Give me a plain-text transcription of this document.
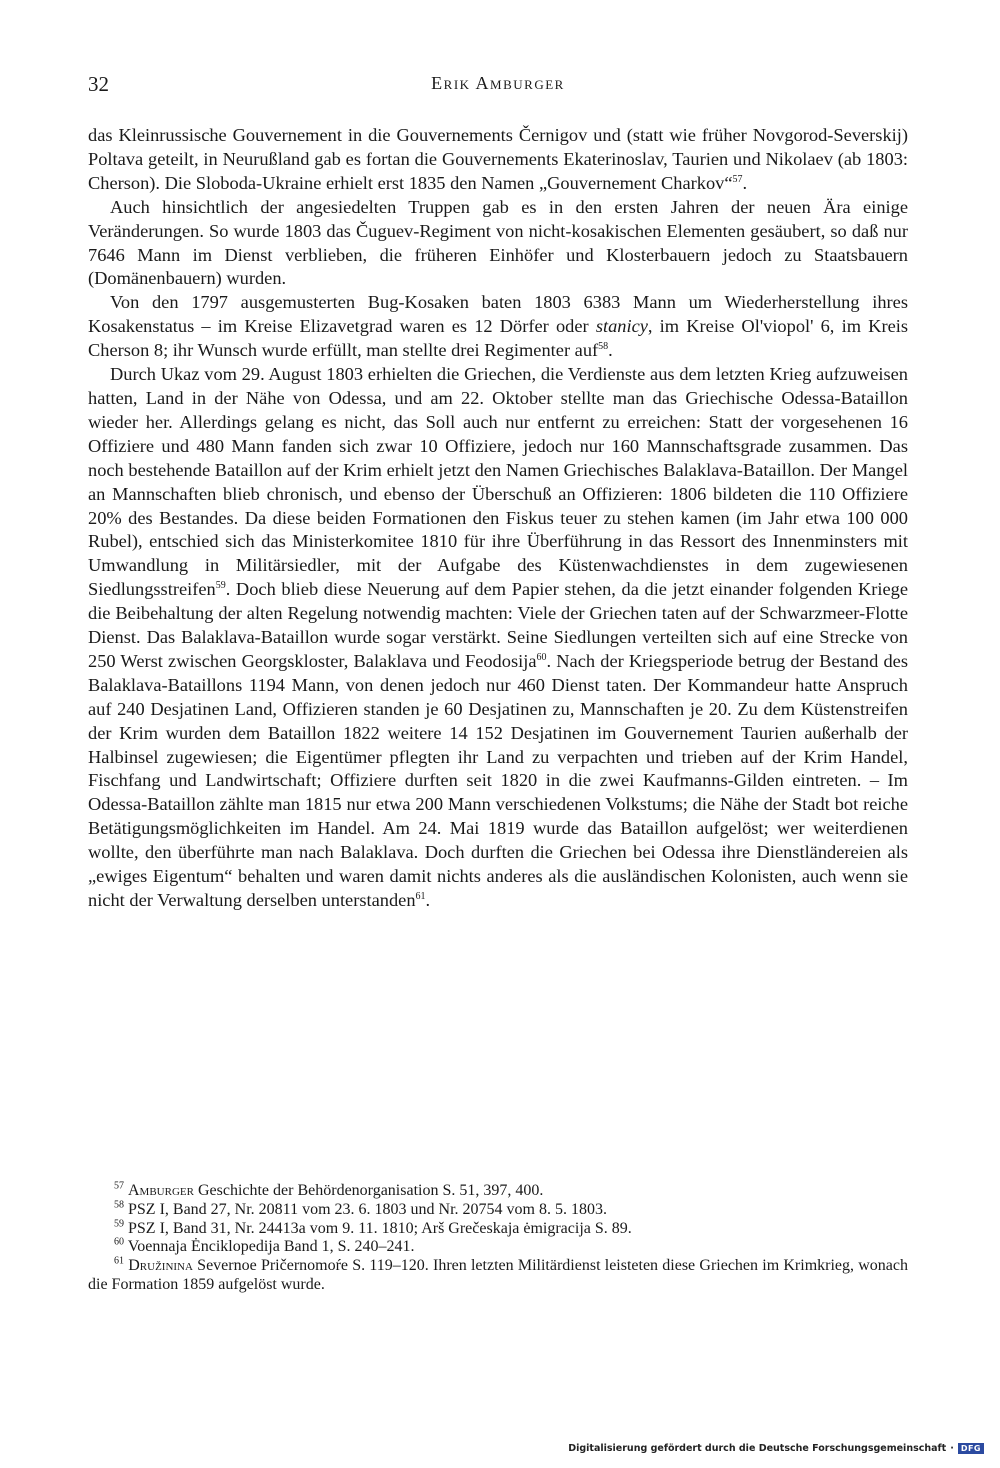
32	Erik Amburger

das Kleinrussische Gouvernement in die Gouvernements Černigov und (statt wie früher Novgorod-Severskij) Poltava geteilt, in Neurußland gab es fortan die Gouvernements Ekaterinoslav, Taurien und Nikolaev (ab 1803: Cherson). Die Sloboda-Ukraine erhielt erst 1835 den Namen „Gouvernement Charkov“$^{57}$.

Auch hinsichtlich der angesiedelten Truppen gab es in den ersten Jahren der neuen Ära einige Veränderungen. So wurde 1803 das Čuguev-Regiment von nicht-kosakischen Elementen gesäubert, so daß nur 7646 Mann im Dienst verblieben, die früheren Einhöfer und Klosterbauern jedoch zu Staatsbauern (Domänenbauern) wurden.

Von den 1797 ausgemusterten Bug-Kosaken baten 1803 6383 Mann um Wiederherstellung ihres Kosakenstatus – im Kreise Elizavetgrad waren es 12 Dörfer oder stanicy, im Kreise Ol'viopol' 6, im Kreis Cherson 8; ihr Wunsch wurde erfüllt, man stellte drei Regimenter auf$^{58}$.

Durch Ukaz vom 29. August 1803 erhielten die Griechen, die Verdienste aus dem letzten Krieg aufzuweisen hatten, Land in der Nähe von Odessa, und am 22. Oktober stellte man das Griechische Odessa-Bataillon wieder her. Allerdings gelang es nicht, das Soll auch nur entfernt zu erreichen: Statt der vorgesehenen 16 Offiziere und 480 Mann fanden sich zwar 10 Offiziere, jedoch nur 160 Mannschaftsgrade zusammen. Das noch bestehende Bataillon auf der Krim erhielt jetzt den Namen Griechisches Balaklava-Bataillon. Der Mangel an Mannschaften blieb chronisch, und ebenso der Überschuß an Offizieren: 1806 bildeten die 110 Offiziere 20% des Bestandes. Da diese beiden Formationen den Fiskus teuer zu stehen kamen (im Jahr etwa 100 000 Rubel), entschied sich das Ministerkomitee 1810 für ihre Überführung in das Ressort des Innenminsters mit Umwandlung in Militärsiedler, mit der Aufgabe des Küstenwachdienstes in dem zugewiesenen Siedlungsstreifen$^{59}$. Doch blieb diese Neuerung auf dem Papier stehen, da die jetzt einander folgenden Kriege die Beibehaltung der alten Regelung notwendig machten: Viele der Griechen taten auf der Schwarzmeer-Flotte Dienst. Das Balaklava-Bataillon wurde sogar verstärkt. Seine Siedlungen verteilten sich auf eine Strecke von 250 Werst zwischen Georgskloster, Balaklava und Feodosija$^{60}$. Nach der Kriegsperiode betrug der Bestand des Balaklava-Bataillons 1194 Mann, von denen jedoch nur 460 Dienst taten. Der Kommandeur hatte Anspruch auf 240 Desjatinen Land, Offizieren standen je 60 Desjatinen zu, Mannschaften je 20. Zu dem Küstenstreifen der Krim wurden dem Bataillon 1822 weitere 14 152 Desjatinen im Gouvernement Taurien außerhalb der Halbinsel zugewiesen; die Eigentümer pflegten ihr Land zu verpachten und trieben auf der Krim Handel, Fischfang und Landwirtschaft; Offiziere durften seit 1820 in die zwei Kaufmanns-Gilden eintreten. – Im Odessa-Bataillon zählte man 1815 nur etwa 200 Mann verschiedenen Volkstums; die Nähe der Stadt bot reiche Betätigungsmöglichkeiten im Handel. Am 24. Mai 1819 wurde das Bataillon aufgelöst; wer weiterdienen wollte, den überführte man nach Balaklava. Doch durften die Griechen bei Odessa ihre Dienstländereien als „ewiges Eigentum“ behalten und waren damit nichts anderes als die ausländischen Kolonisten, auch wenn sie nicht der Verwaltung derselben unterstanden$^{61}$.

$^{57}$ Amburger Geschichte der Behördenorganisation S. 51, 397, 400.

$^{58}$ PSZ I, Band 27, Nr. 20811 vom 23. 6. 1803 und Nr. 20754 vom 8. 5. 1803.

$^{59}$ PSZ I, Band 31, Nr. 24413a vom 9. 11. 1810; Arš Grečeskaja ėmigracija S. 89.

$^{60}$ Voennaja Ėnciklopedija Band 1, S. 240–241.

$^{61}$ Družinina Severnoe Pričernomoŕe S. 119–120. Ihren letzten Militärdienst leisteten diese Griechen im Krimkrieg, wonach die Formation 1859 aufgelöst wurde.

Digitalisierung gefördert durch die Deutsche Forschungsgemeinschaft · DFG
